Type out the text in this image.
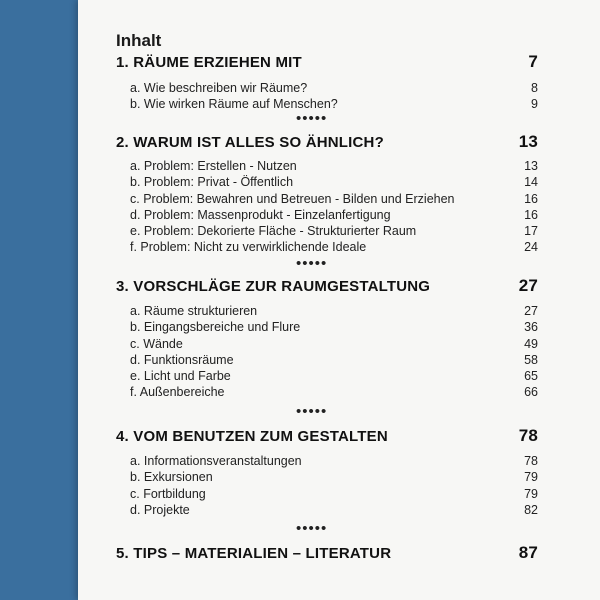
Inhalt
1. RÄUME ERZIEHEN MIT	7
a. Wie beschreiben wir Räume?	8
b. Wie wirken Räume auf Menschen?	9
•••••
2. WARUM IST ALLES SO ÄHNLICH?	13
a. Problem: Erstellen - Nutzen	13
b. Problem: Privat - Öffentlich	14
c. Problem: Bewahren und Betreuen - Bilden und Erziehen	16
d. Problem: Massenprodukt - Einzelanfertigung	16
e. Problem: Dekorierte Fläche - Strukturierter Raum	17
f. Problem: Nicht zu verwirklichende Ideale	24
•••••
3. VORSCHLÄGE ZUR RAUMGESTALTUNG	27
a. Räume strukturieren	27
b. Eingangsbereiche und Flure	36
c. Wände	49
d. Funktionsräume	58
e. Licht und Farbe	65
f. Außenbereiche	66
•••••
4. VOM BENUTZEN ZUM GESTALTEN	78
a. Informationsveranstaltungen	78
b. Exkursionen	79
c. Fortbildung	79
d. Projekte	82
•••••
5. TIPS – MATERIALIEN – LITERATUR	87
